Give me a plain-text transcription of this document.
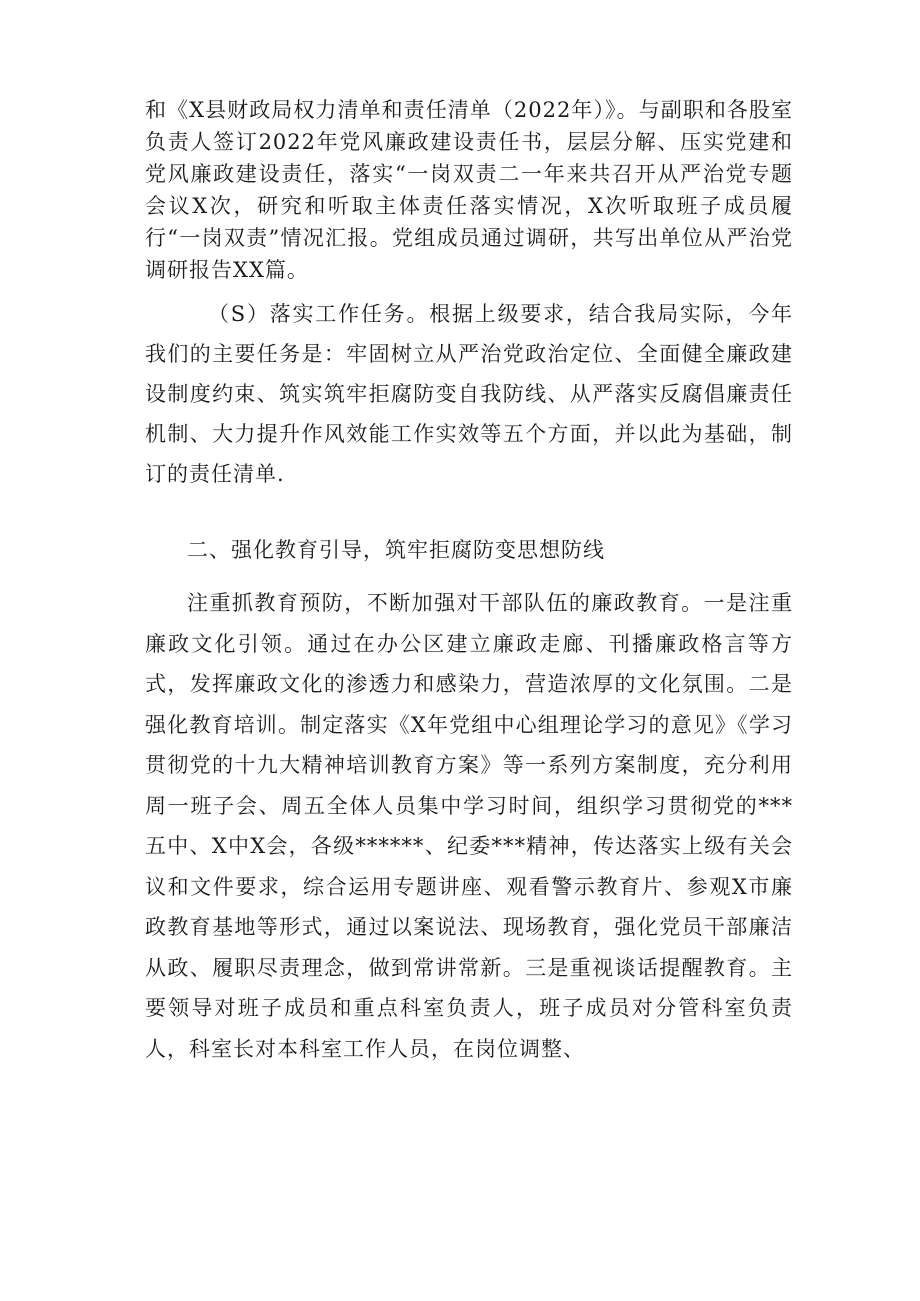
和《X县财政局权力清单和责任清单（2022年）》。与副职和各股室负责人签订2022年党风廉政建设责任书，层层分解、压实党建和党风廉政建设责任，落实“一岗双责二一年来共召开从严治党专题会议X次，研究和听取主体责任落实情况，X次听取班子成员履行“一岗双责”情况汇报。党组成员通过调研，共写出单位从严治党调研报告XX篇。

（S）落实工作任务。根据上级要求，结合我局实际，今年我们的主要任务是：牢固树立从严治党政治定位、全面健全廉政建设制度约束、筑实筑牢拒腐防变自我防线、从严落实反腐倡廉责任机制、大力提升作风效能工作实效等五个方面，并以此为基础，制订的责任清单.

二、强化教育引导，筑牢拒腐防变思想防线

注重抓教育预防，不断加强对干部队伍的廉政教育。一是注重廉政文化引领。通过在办公区建立廉政走廊、刊播廉政格言等方式，发挥廉政文化的渗透力和感染力，营造浓厚的文化氛围。二是强化教育培训。制定落实《X年党组中心组理论学习的意见》《学习贯彻党的十九大精神培训教育方案》等一系列方案制度，充分利用周一班子会、周五全体人员集中学习时间，组织学习贯彻党的***五中、X中X会，各级******、纪委***精神，传达落实上级有关会议和文件要求，综合运用专题讲座、观看警示教育片、参观X市廉政教育基地等形式，通过以案说法、现场教育，强化党员干部廉洁从政、履职尽责理念，做到常讲常新。三是重视谈话提醒教育。主要领导对班子成员和重点科室负责人，班子成员对分管科室负责人，科室长对本科室工作人员，在岗位调整、
